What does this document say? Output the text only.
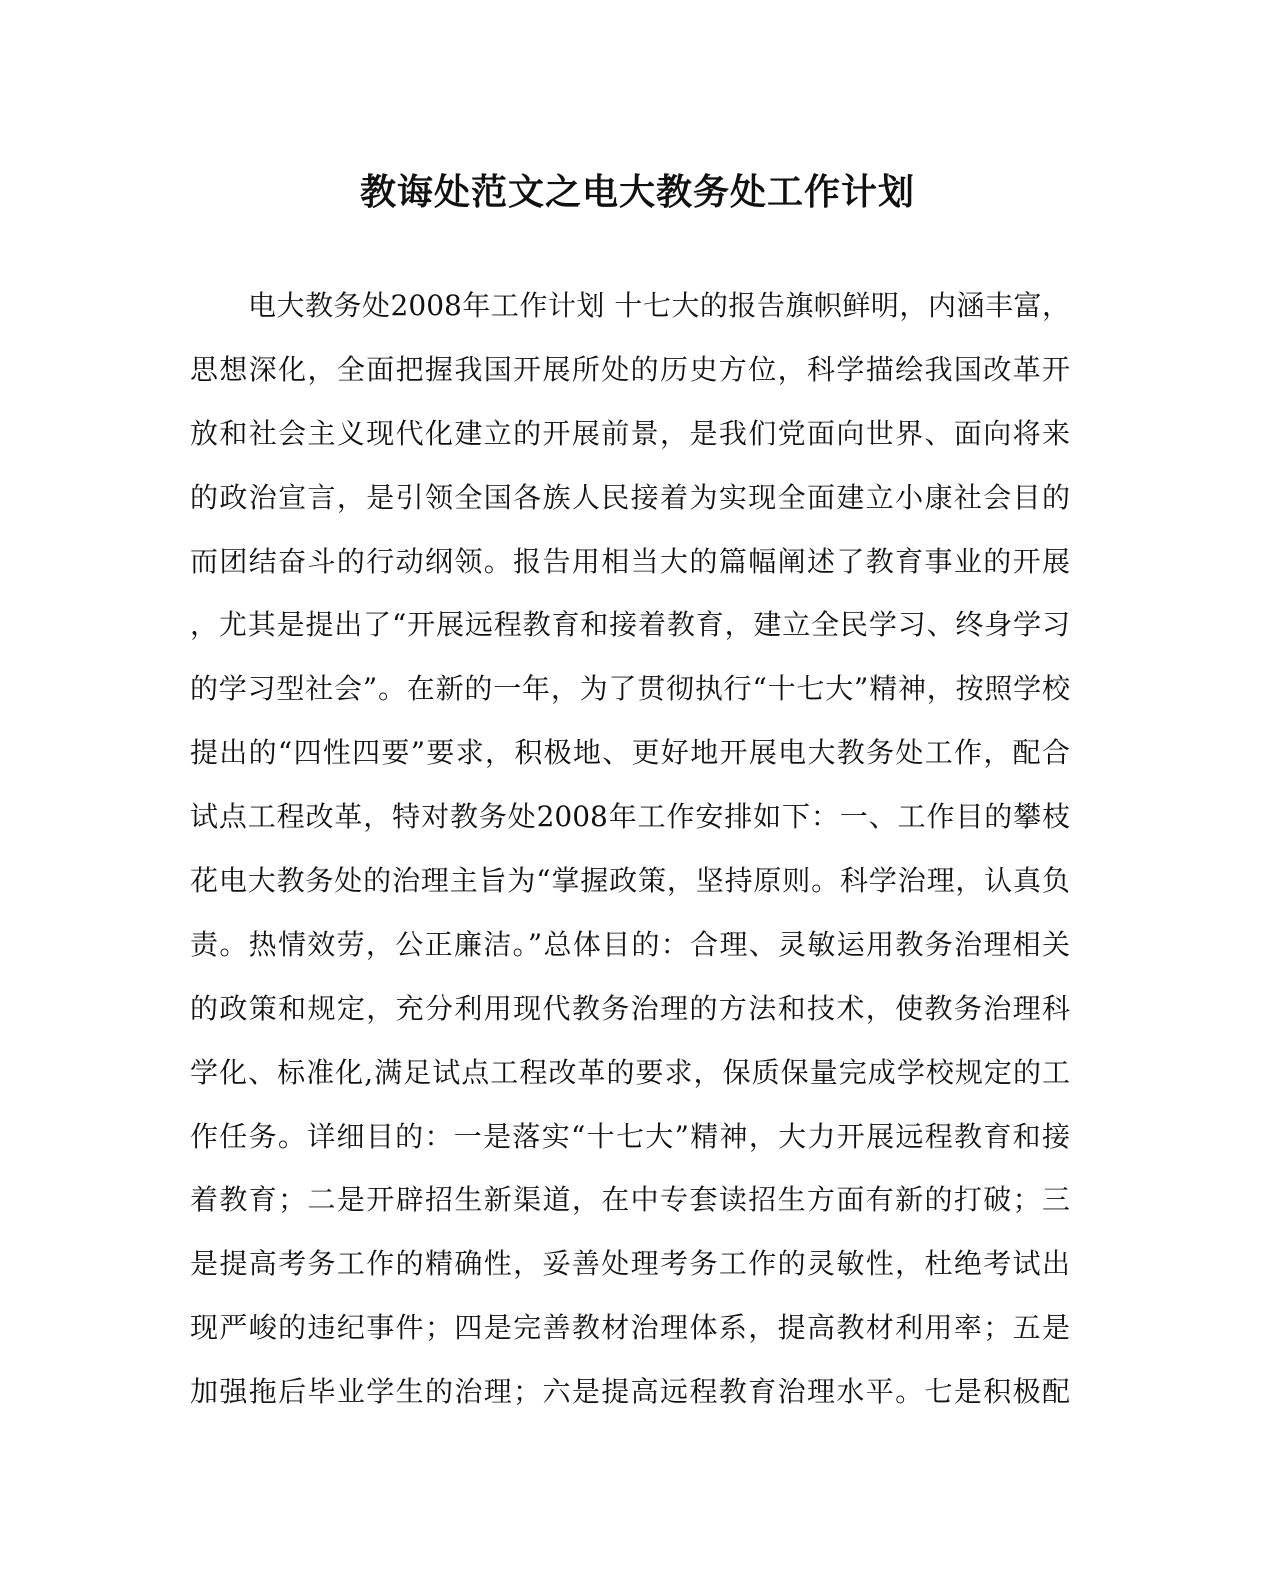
教诲处范文之电大教务处工作计划
电大教务处2008年工作计划 十七大的报告旗帜鲜明，内涵丰富，
思想深化，全面把握我国开展所处的历史方位，科学描绘我国改革开
放和社会主义现代化建立的开展前景，是我们党面向世界、面向将来
的政治宣言，是引领全国各族人民接着为实现全面建立小康社会目的
而团结奋斗的行动纲领。报告用相当大的篇幅阐述了教育事业的开展
，尤其是提出了“开展远程教育和接着教育，建立全民学习、终身学习
的学习型社会”。在新的一年，为了贯彻执行“十七大”精神，按照学校
提出的“四性四要”要求，积极地、更好地开展电大教务处工作，配合
试点工程改革，特对教务处2008年工作安排如下：一、工作目的攀枝
花电大教务处的治理主旨为“掌握政策，坚持原则。科学治理，认真负
责。热情效劳，公正廉洁。”总体目的：合理、灵敏运用教务治理相关
的政策和规定，充分利用现代教务治理的方法和技术，使教务治理科
学化、标准化,满足试点工程改革的要求，保质保量完成学校规定的工
作任务。详细目的：一是落实“十七大”精神，大力开展远程教育和接
着教育；二是开辟招生新渠道，在中专套读招生方面有新的打破；三
是提高考务工作的精确性，妥善处理考务工作的灵敏性，杜绝考试出
现严峻的违纪事件；四是完善教材治理体系，提高教材利用率；五是
加强拖后毕业学生的治理；六是提高远程教育治理水平。七是积极配
